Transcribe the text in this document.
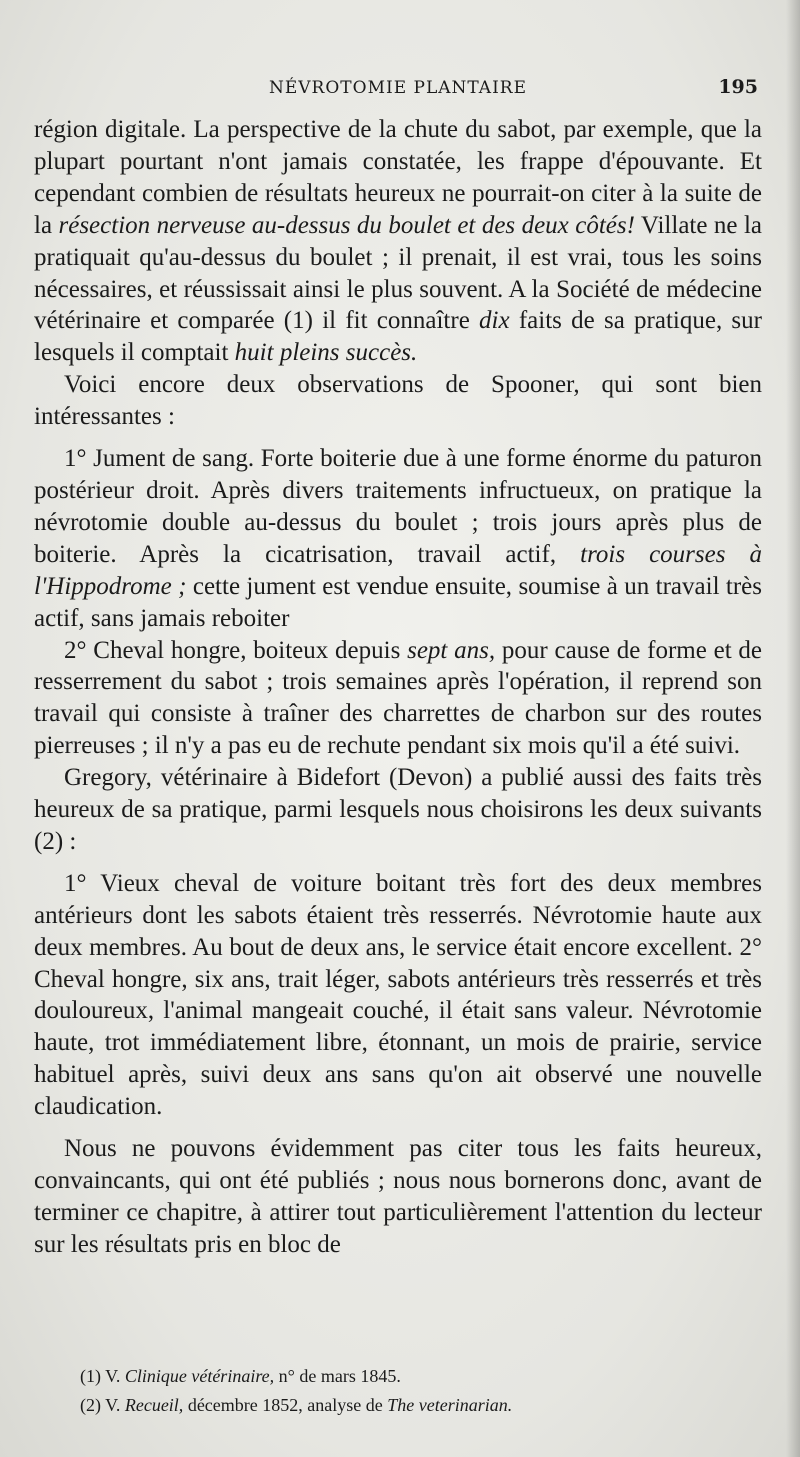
NÉVROTOMIE PLANTAIRE	195

région digitale. La perspective de la chute du sabot, par exemple, que la plupart pourtant n'ont jamais constatée, les frappe d'épouvante. Et cependant combien de résultats heureux ne pourrait-on citer à la suite de la résection nerveuse au-dessus du boulet et des deux côtés! Villate ne la pratiquait qu'au-dessus du boulet ; il prenait, il est vrai, tous les soins nécessaires, et réussissait ainsi le plus souvent. A la Société de médecine vétérinaire et comparée (1) il fit connaître dix faits de sa pratique, sur lesquels il comptait huit pleins succès.

Voici encore deux observations de Spooner, qui sont bien intéressantes :

1° Jument de sang. Forte boiterie due à une forme énorme du paturon postérieur droit. Après divers traitements infructueux, on pratique la névrotomie double au-dessus du boulet ; trois jours après plus de boiterie. Après la cicatrisation, travail actif, trois courses à l'Hippodrome ; cette jument est vendue ensuite, soumise à un travail très actif, sans jamais reboiter

2° Cheval hongre, boiteux depuis sept ans, pour cause de forme et de resserrement du sabot ; trois semaines après l'opération, il reprend son travail qui consiste à traîner des charrettes de charbon sur des routes pierreuses ; il n'y a pas eu de rechute pendant six mois qu'il a été suivi.

Gregory, vétérinaire à Bidefort (Devon) a publié aussi des faits très heureux de sa pratique, parmi lesquels nous choisirons les deux suivants (2) :

1° Vieux cheval de voiture boitant très fort des deux membres antérieurs dont les sabots étaient très resserrés. Névrotomie haute aux deux membres. Au bout de deux ans, le service était encore excellent. 2° Cheval hongre, six ans, trait léger, sabots antérieurs très resserrés et très douloureux, l'animal mangeait couché, il était sans valeur. Névrotomie haute, trot immédiatement libre, étonnant, un mois de prairie, service habituel après, suivi deux ans sans qu'on ait observé une nouvelle claudication.

Nous ne pouvons évidemment pas citer tous les faits heureux, convaincants, qui ont été publiés ; nous nous bornerons donc, avant de terminer ce chapitre, à attirer tout particulièrement l'attention du lecteur sur les résultats pris en bloc de

(1) V. Clinique vétérinaire, n° de mars 1845.

(2) V. Recueil, décembre 1852, analyse de The veterinarian.
